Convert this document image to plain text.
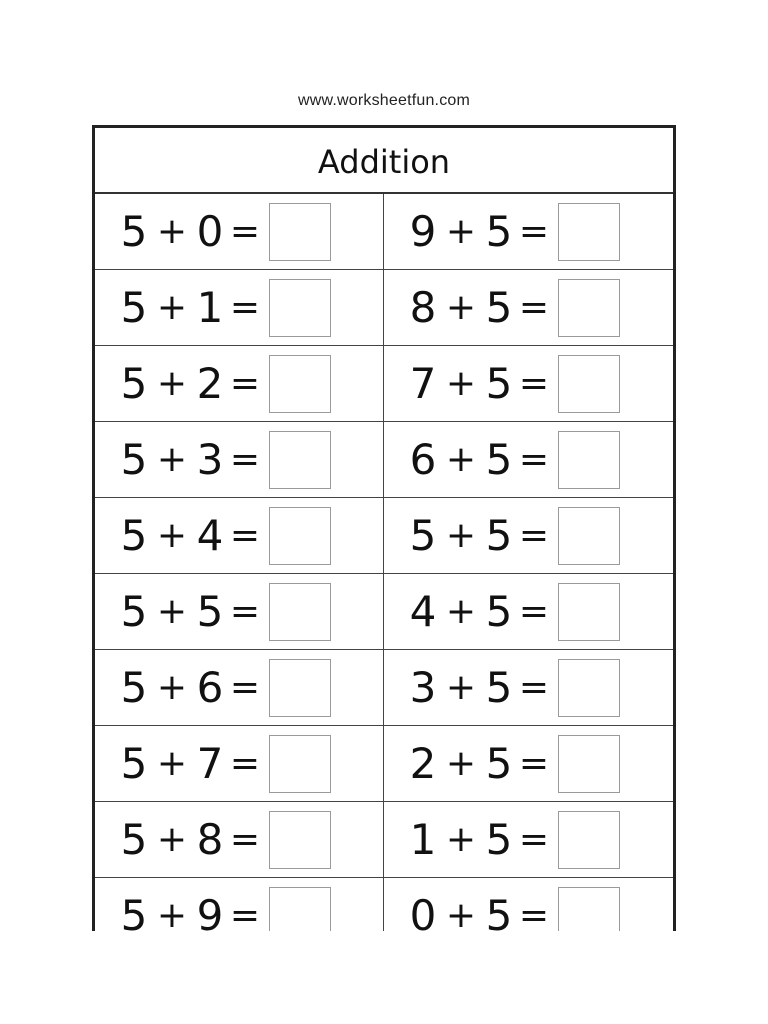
www.worksheetfun.com
Addition
5 + 0 =	9 + 5 =
5 + 1 =	8 + 5 =
5 + 2 =	7 + 5 =
5 + 3 =	6 + 5 =
5 + 4 =	5 + 5 =
5 + 5 =	4 + 5 =
5 + 6 =	3 + 5 =
5 + 7 =	2 + 5 =
5 + 8 =	1 + 5 =
5 + 9 =	0 + 5 =
